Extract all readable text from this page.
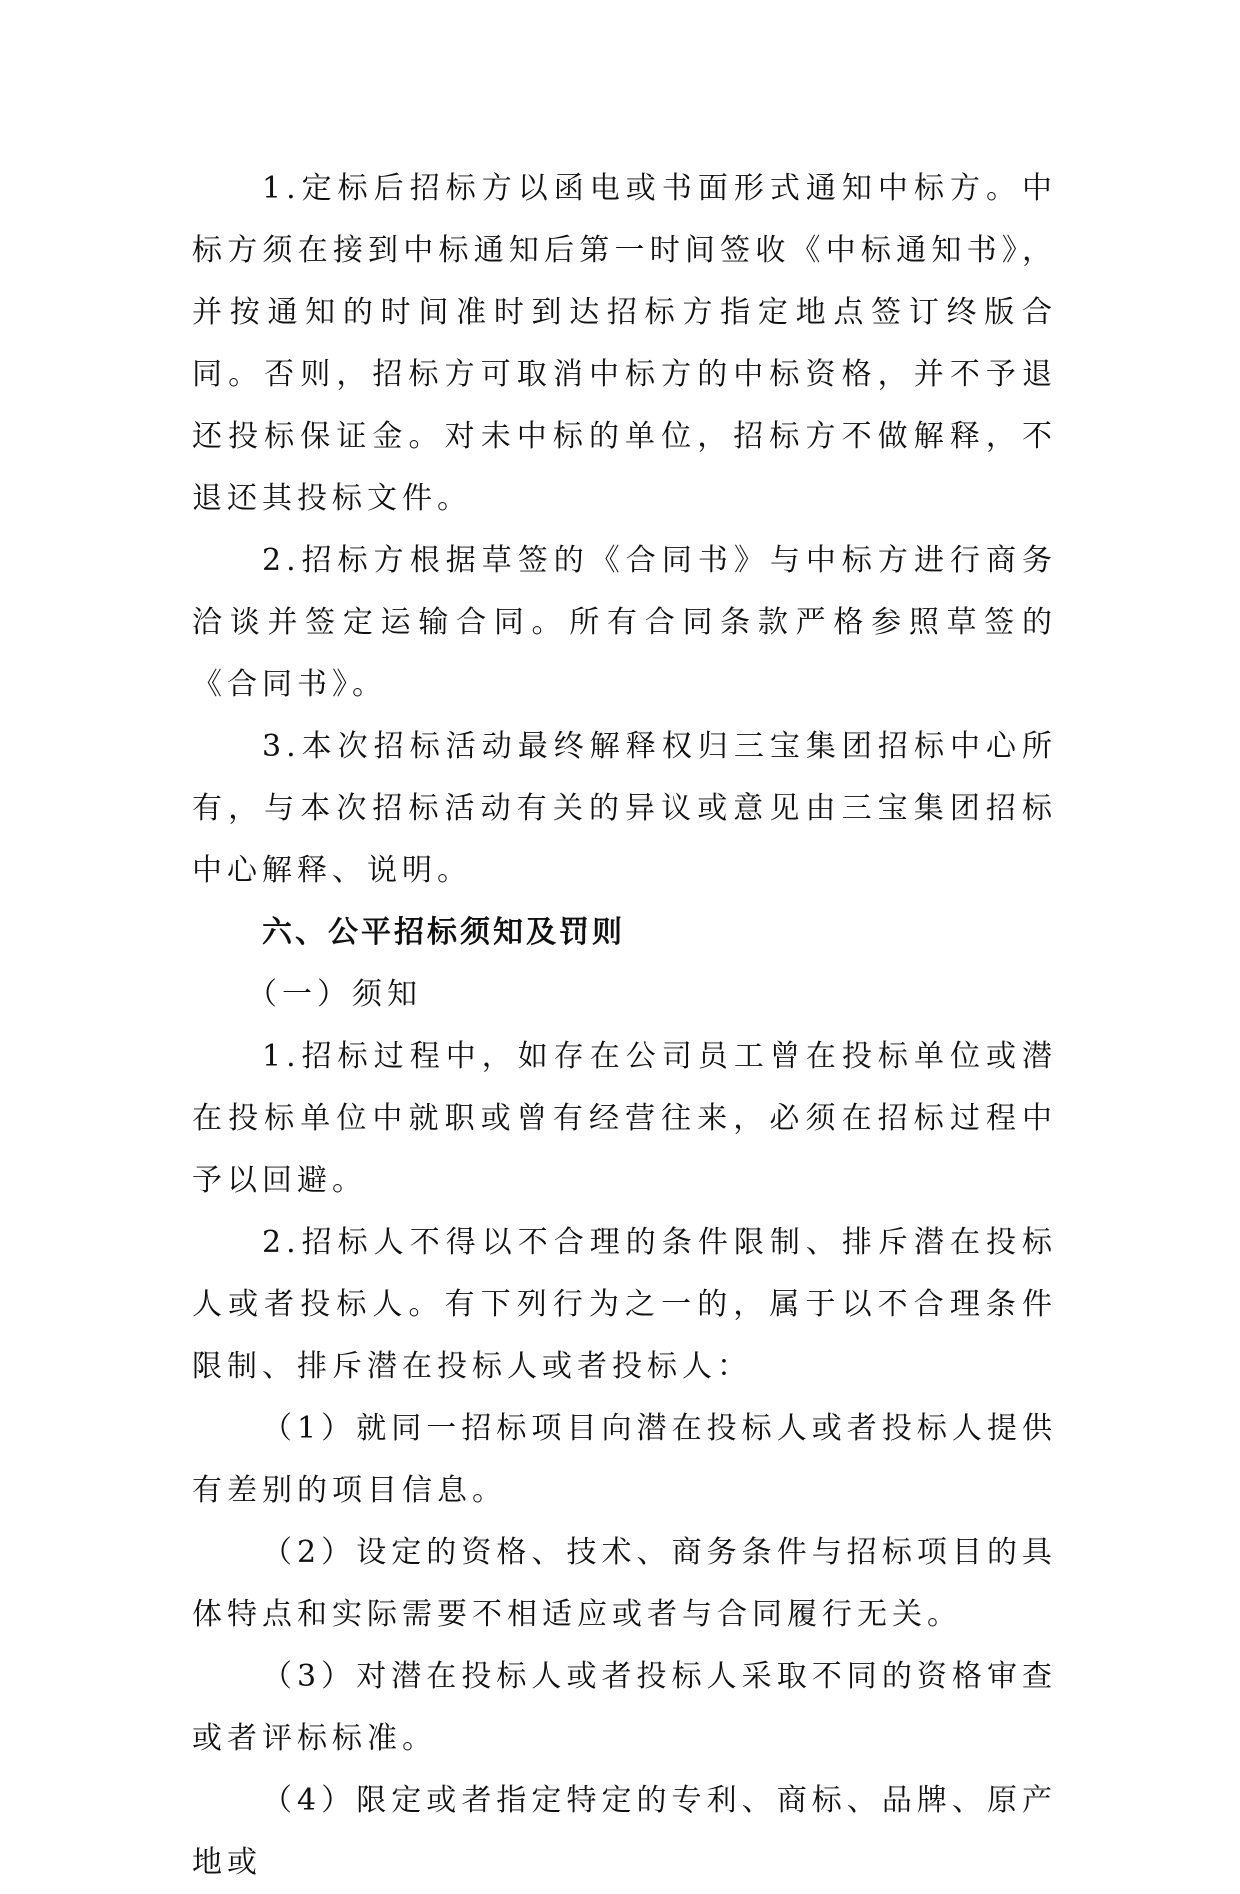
1.定标后招标方以函电或书面形式通知中标方。中标方须在接到中标通知后第一时间签收《中标通知书》，并按通知的时间准时到达招标方指定地点签订终版合同。否则，招标方可取消中标方的中标资格，并不予退还投标保证金。对未中标的单位，招标方不做解释，不退还其投标文件。

2.招标方根据草签的《合同书》与中标方进行商务洽谈并签定运输合同。所有合同条款严格参照草签的《合同书》。

3.本次招标活动最终解释权归三宝集团招标中心所有，与本次招标活动有关的异议或意见由三宝集团招标中心解释、说明。

六、公平招标须知及罚则

（一）须知

1.招标过程中，如存在公司员工曾在投标单位或潜在投标单位中就职或曾有经营往来，必须在招标过程中予以回避。

2.招标人不得以不合理的条件限制、排斥潜在投标人或者投标人。有下列行为之一的，属于以不合理条件限制、排斥潜在投标人或者投标人：

（1）就同一招标项目向潜在投标人或者投标人提供有差别的项目信息。

（2）设定的资格、技术、商务条件与招标项目的具体特点和实际需要不相适应或者与合同履行无关。

（3）对潜在投标人或者投标人采取不同的资格审查或者评标标准。

（4）限定或者指定特定的专利、商标、品牌、原产地或
